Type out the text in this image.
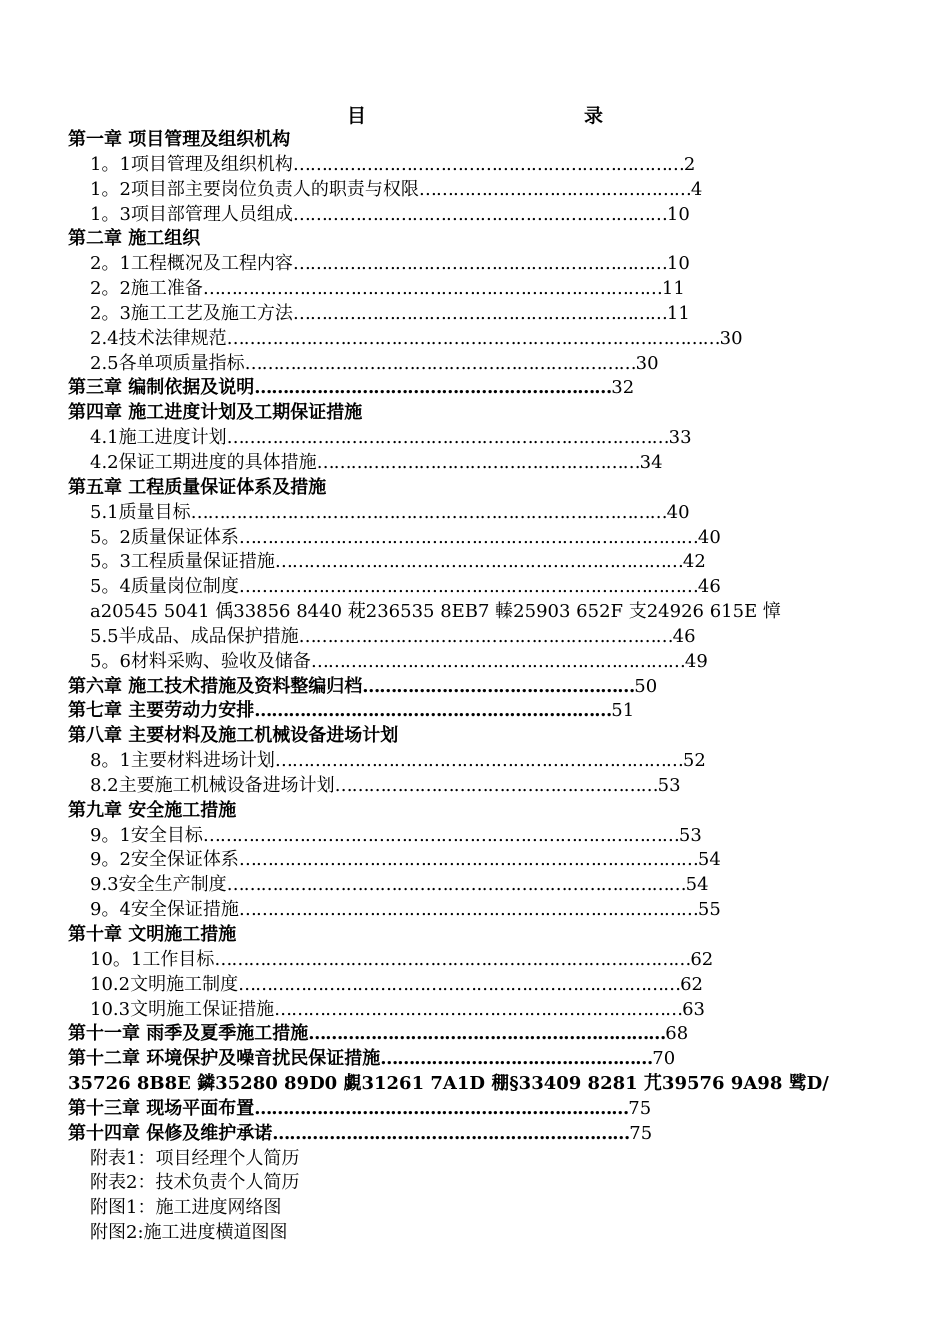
目　　录
第一章 项目管理及组织机构
1。1项目管理及组织机构……………………………………………………………2
1。2项目部主要岗位负责人的职责与权限…………………………………………4
1。3项目部管理人员组成…………………………………………………………10
第二章 施工组织
2。1工程概况及工程内容…………………………………………………………10
2。2施工准备………………………………………………………………………11
2。3施工工艺及施工方法…………………………………………………………11
2.4技术法律规范……………………………………………………………………………30
2.5各单项质量指标……………………………………………………………30
第三章 编制依据及说明………………………………………………………32
第四章 施工进度计划及工期保证措施
4.1施工进度计划……………………………………………………………………33
4.2保证工期进度的具体措施…………………………………………………34
第五章 工程质量保证体系及措施
5.1质量目标…………………………………………………………………………40
5。2质量保证体系………………………………………………………………………40
5。3工程质量保证措施………………………………………………………………42
5。4质量岗位制度………………………………………………………………………46
a20545 5041 偊33856 8440 萙236535 8EB7 轃25903 652F 支24926 615E 慞
5.5半成品、成品保护措施…………………………………………………………46
5。6材料采购、验收及储备…………………………………………………………49
第六章 施工技术措施及资料整编归档…………………………………………50
第七章 主要劳动力安排………………………………………………………51
第八章 主要材料及施工机械设备进场计划
8。1主要材料进场计划………………………………………………………………52
8.2主要施工机械设备进场计划…………………………………………………53
第九章 安全施工措施
9。1安全目标…………………………………………………………………………53
9。2安全保证体系………………………………………………………………………54
9.3安全生产制度………………………………………………………………………54
9。4安全保证措施………………………………………………………………………55
第十章 文明施工措施
10。1工作目标…………………………………………………………………………62
10.2文明施工制度……………………………………………………………………62
10.3文明施工保证措施………………………………………………………………63
第十一章 雨季及夏季施工措施………………………………………………………68
第十二章 环境保护及噪音扰民保证措施…………………………………………70
35726 8B8E 鏻35280 89D0 覷31261 7A1D 稝§33409 8281 芁39576 9A98 骘D/
第十三章 现场平面布置…………………………………………………………75
第十四章 保修及维护承诺………………………………………………………75
附表1：项目经理个人简历
附表2：技术负责个人简历
附图1：施工进度网络图
附图2:施工进度横道图图
